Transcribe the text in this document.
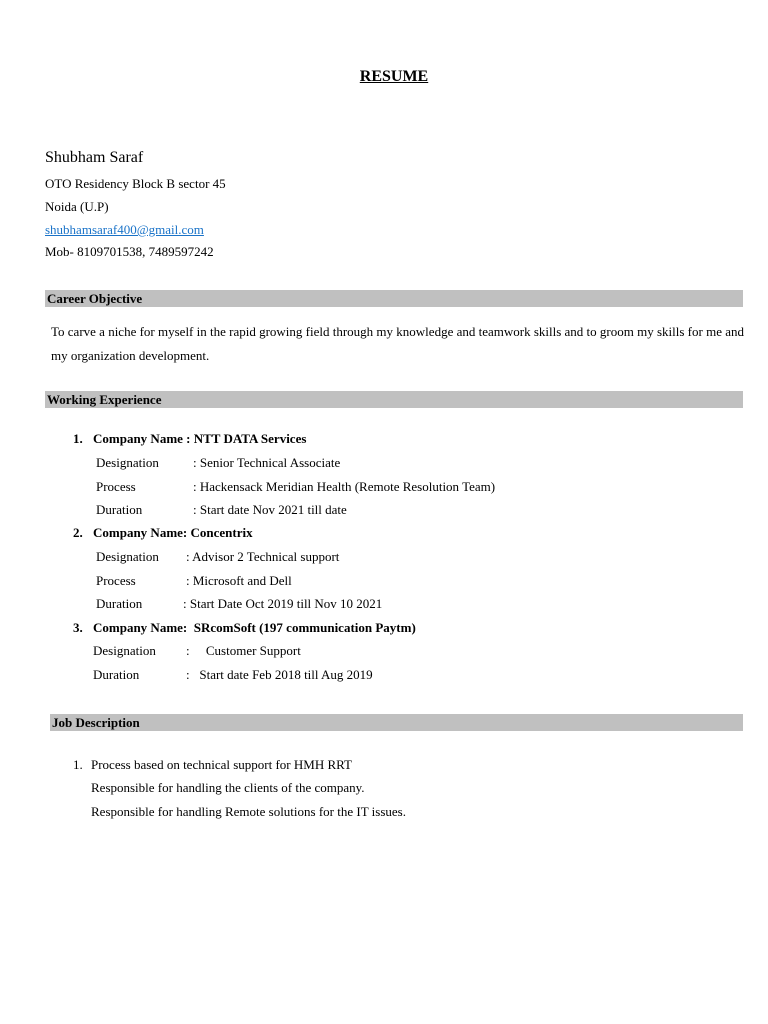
RESUME
Shubham Saraf
OTO Residency Block B sector 45
Noida (U.P)
shubhamsaraf400@gmail.com
Mob- 8109701538, 7489597242
Career Objective
To carve a niche for myself in the rapid growing field through my knowledge and teamwork skills and to groom my skills for me and my organization development.
Working Experience
1. Company Name : NTT DATA Services
Designation	: Senior Technical Associate
Process	: Hackensack Meridian Health (Remote Resolution Team)
Duration	: Start date Nov 2021 till date
2. Company Name: Concentrix
Designation : Advisor 2 Technical support
Process	: Microsoft and Dell
Duration	: Start Date Oct 2019 till Nov 10 2021
3. Company Name:  SRcomSoft (197 communication Paytm)
Designation :     Customer Support
Duration	:   Start date Feb 2018 till Aug 2019
Job Description
1. Process based on technical support for HMH RRT
Responsible for handling the clients of the company.
Responsible for handling Remote solutions for the IT issues.
